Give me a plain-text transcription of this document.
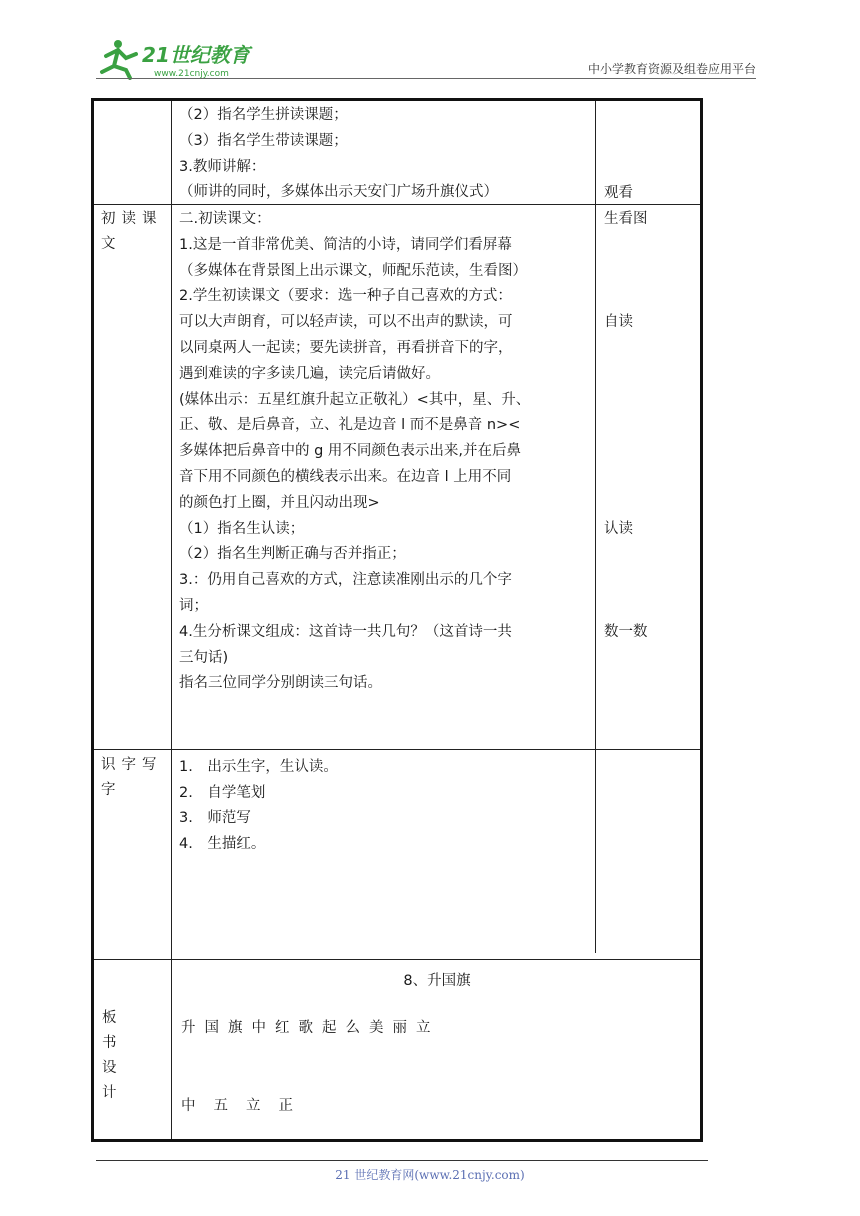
21世纪教育
www.21cnjy.com	中小学教育资源及组卷应用平台
（2）指名学生拼读课题；
（3）指名学生带读课题；
3.教师讲解：
（师讲的同时，多媒体出示天安门广场升旗仪式）	观看
初读课文
二.初读课文：
1.这是一首非常优美、简洁的小诗，请同学们看屏幕
（多媒体在背景图上出示课文，师配乐范读，生看图）
2.学生初读课文（要求：选一种子自己喜欢的方式：
可以大声朗育，可以轻声读，可以不出声的默读，可
以同桌两人一起读；要先读拼音，再看拼音下的字，
遇到难读的字多读几遍，读完后请做好。
(媒体出示：五星红旗升起立正敬礼）<其中，星、升、
正、敬、是后鼻音，立、礼是边音 l 而不是鼻音 n><
多媒体把后鼻音中的 g 用不同颜色表示出来,并在后鼻
音下用不同颜色的横线表示出来。在边音 l 上用不同
的颜色打上圈，并且闪动出现>
（1）指名生认读；
（2）指名生判断正确与否并指正；
3.：仍用自己喜欢的方式，注意读准刚出示的几个字
词；
4.生分析课文组成：这首诗一共几句？（这首诗一共
三句话)
指名三位同学分别朗读三句话。
生看图
自读
认读
数一数
识字写字
1.　出示生字，生认读。
2.　自学笔划
3.　师范写
4.　生描红。
板书设计
8、升国旗
升国旗中红歌起么美丽立
中五立正
21 世纪教育网(www.21cnjy.com)
